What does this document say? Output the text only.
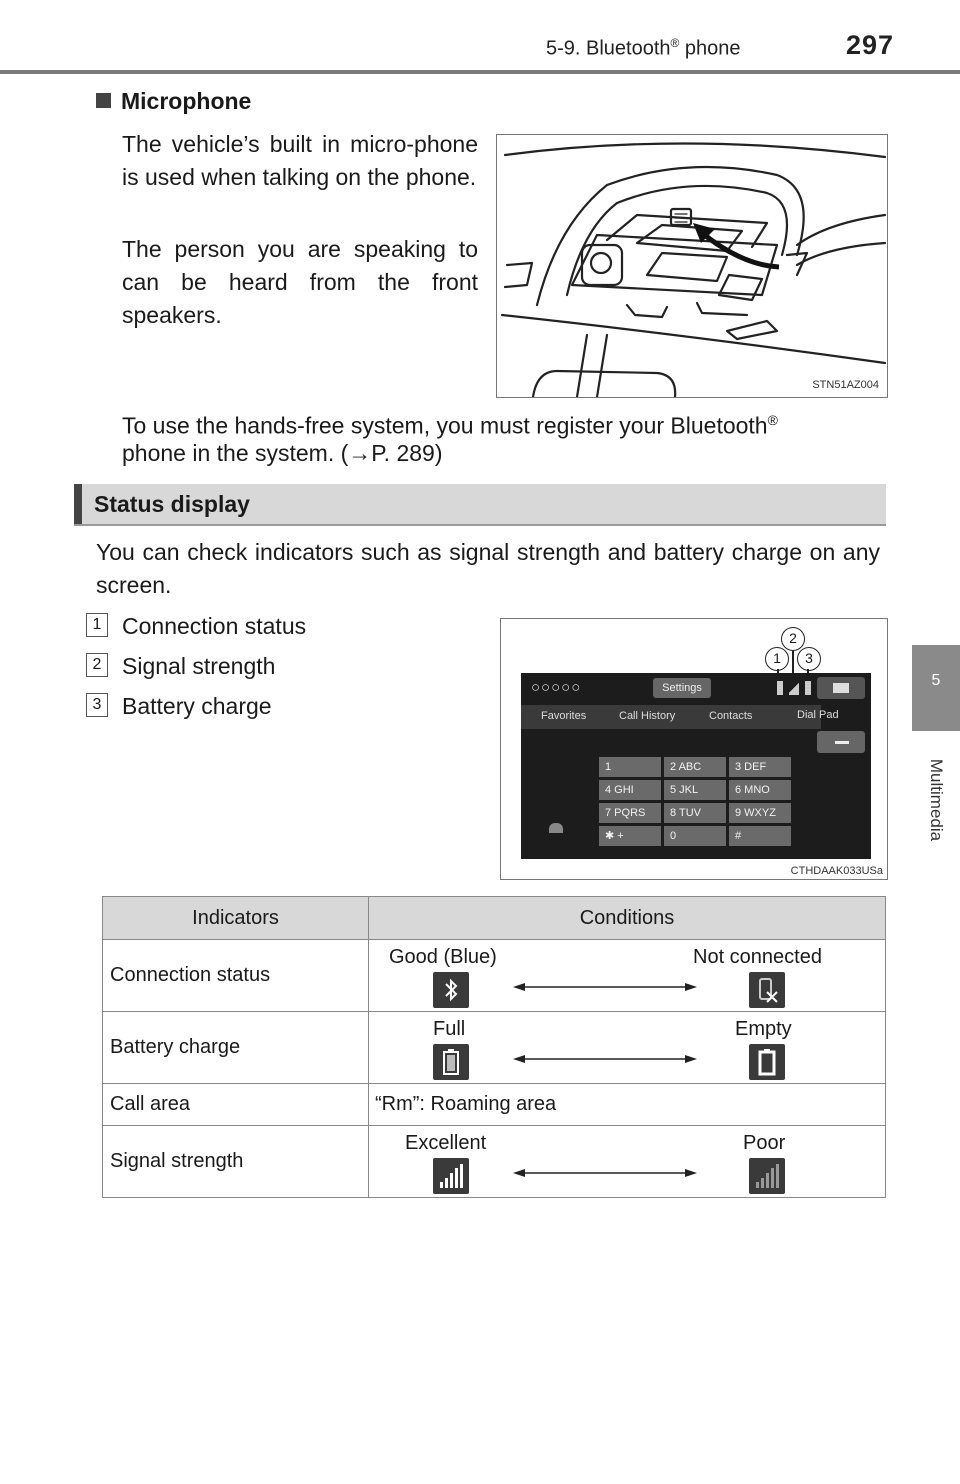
5-9. Bluetooth® phone	297
5
Multimedia
Microphone
The vehicle’s built in micro-phone is used when talking on the phone.
The person you are speaking to can be heard from the front speakers.
STN51AZ004
To use the hands-free system, you must register your Bluetooth®
phone in the system. (→P. 289)
Status display
You can check indicators such as signal strength and battery charge on any screen.
1 Connection status
2 Signal strength
3 Battery charge
2
1	3
○○○○○	Settings
Favorites	Call History	Contacts	Dial Pad
1	2 ABC	3 DEF
4 GHI	5 JKL	6 MNO
7 PQRS	8 TUV	9 WXYZ
✱ +	0	#
CTHDAAK033USa
Indicators	Conditions
Connection status	Good (Blue) Not connected

Battery charge	Full Empty

Call area	“Rm”: Roaming area
Signal strength	Excellent Poor
